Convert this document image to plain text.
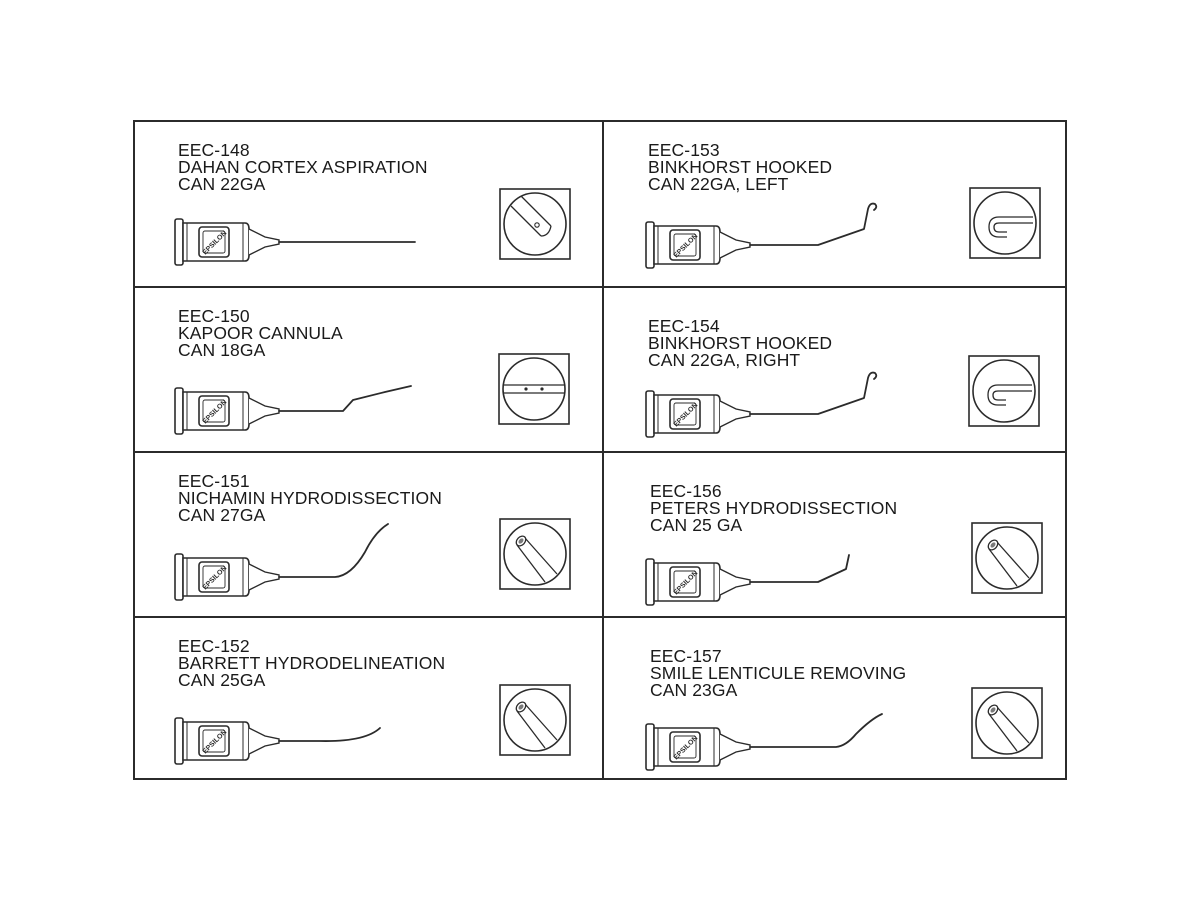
EEC-148
DAHAN CORTEX ASPIRATION
CAN 22GA
EPSILON
EEC-153
BINKHORST HOOKED
CAN 22GA, LEFT
EPSILON
EEC-150
KAPOOR CANNULA
CAN 18GA
EPSILON
EEC-154
BINKHORST HOOKED
CAN 22GA, RIGHT
EPSILON
EEC-151
NICHAMIN HYDRODISSECTION
CAN 27GA
EPSILON
EEC-156
PETERS HYDRODISSECTION
CAN 25 GA
EPSILON
EEC-152
BARRETT HYDRODELINEATION
CAN 25GA
EPSILON
EEC-157
SMILE LENTICULE REMOVING
CAN 23GA
EPSILON
